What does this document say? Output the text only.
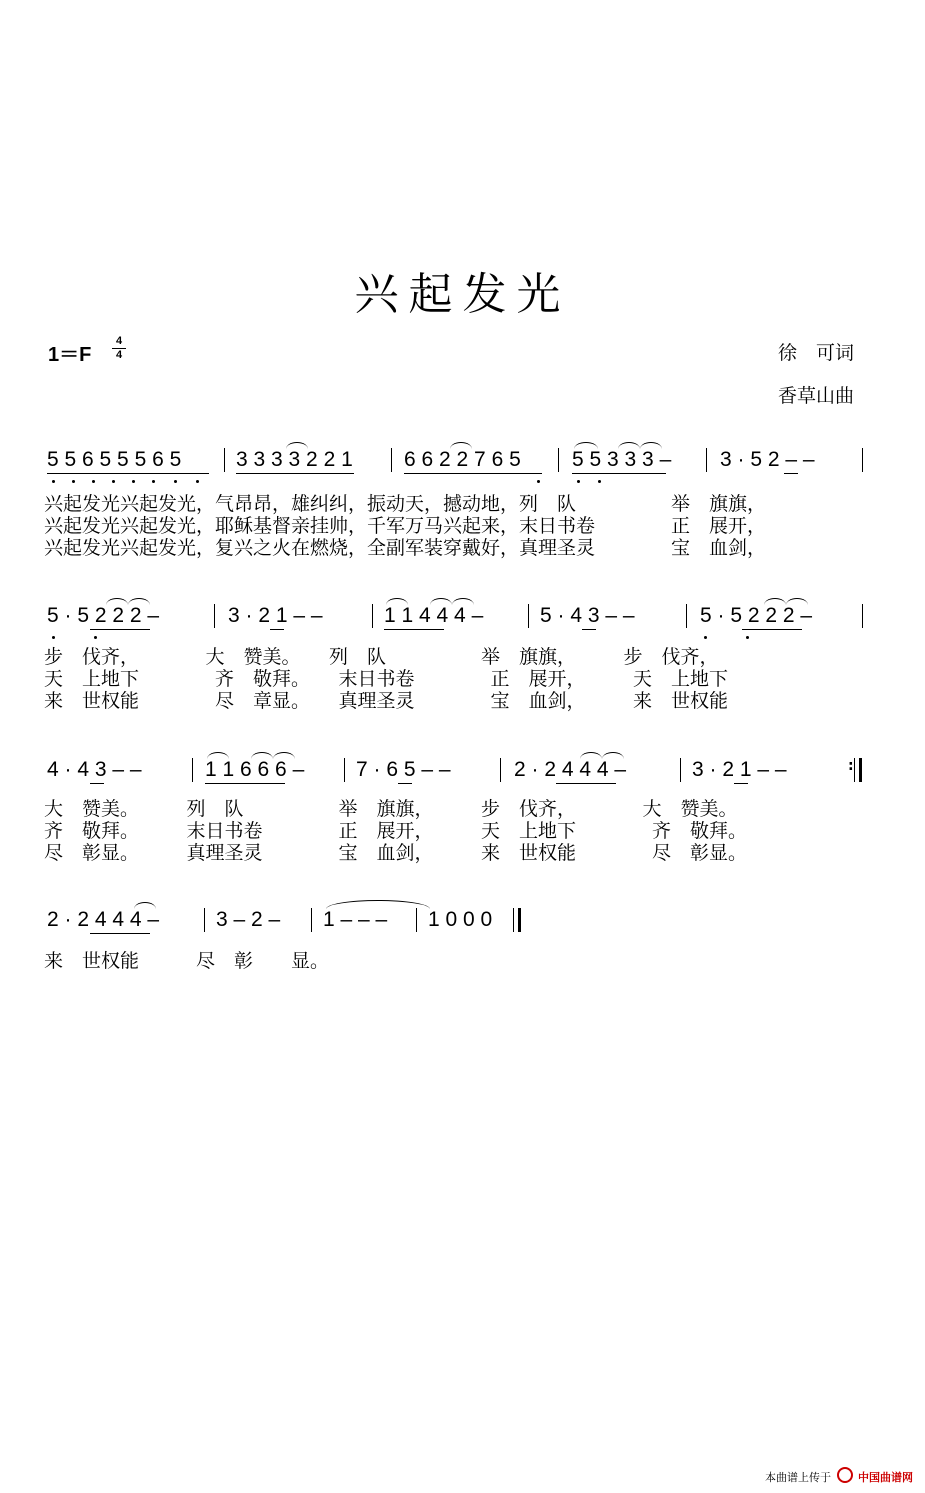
兴起发光
1＝F
4
4	徐　可词
香草山曲
5 5 6 5 5 5 6 5	3 3 3 3 2 2 1 6 6 2 2 7 6 5 5 5 3 3 3 – 3 · 5 2 – –
兴起发光兴起发光，气昂昂，雄纠纠，振动天，撼动地，列　队　　　　　举　旗旗，
兴起发光兴起发光，耶稣基督亲挂帅，千军万马兴起来，末日书卷　　　　正　展开，
兴起发光兴起发光，复兴之火在燃烧，全副军装穿戴好，真理圣灵　　　　宝　血剑，
5 · 5 2 2 2 –	3 · 2 1 – –	1 1 4 4 4 –	5 · 4 3 – –	5 · 5 2 2 2 –
步　伐齐，　　　　大　赞美。　　列　队　　　　　举　旗旗，　　　步　伐齐，
天　上地下　　　　齐　敬拜。　　末日书卷　　　　正　展开，　　　天　上地下
来　世权能　　　　尽　章显。　　真理圣灵　　　　宝　血剑，　　　来　世权能
4 · 4 3 – –	1 1 6 6 6 – 7 · 6 5 – –	2 · 2 4 4 4 –	3 · 2 1 – –	:

大　赞美。　　　列　队　　　　　举　旗旗，　　　步　伐齐，　　　　大　赞美。
齐　敬拜。　　　末日书卷　　　　正　展开，　　　天　上地下　　　　齐　敬拜。
尽　彰显。　　　真理圣灵　　　　宝　血剑，　　　来　世权能　　　　尽　彰显。
2 · 2 4 4 4 –	3 – 2 – 1 – – – 1 0 0 0
来　世权能　　　尽　彰　　显。
本曲谱上传于 中国曲谱网
